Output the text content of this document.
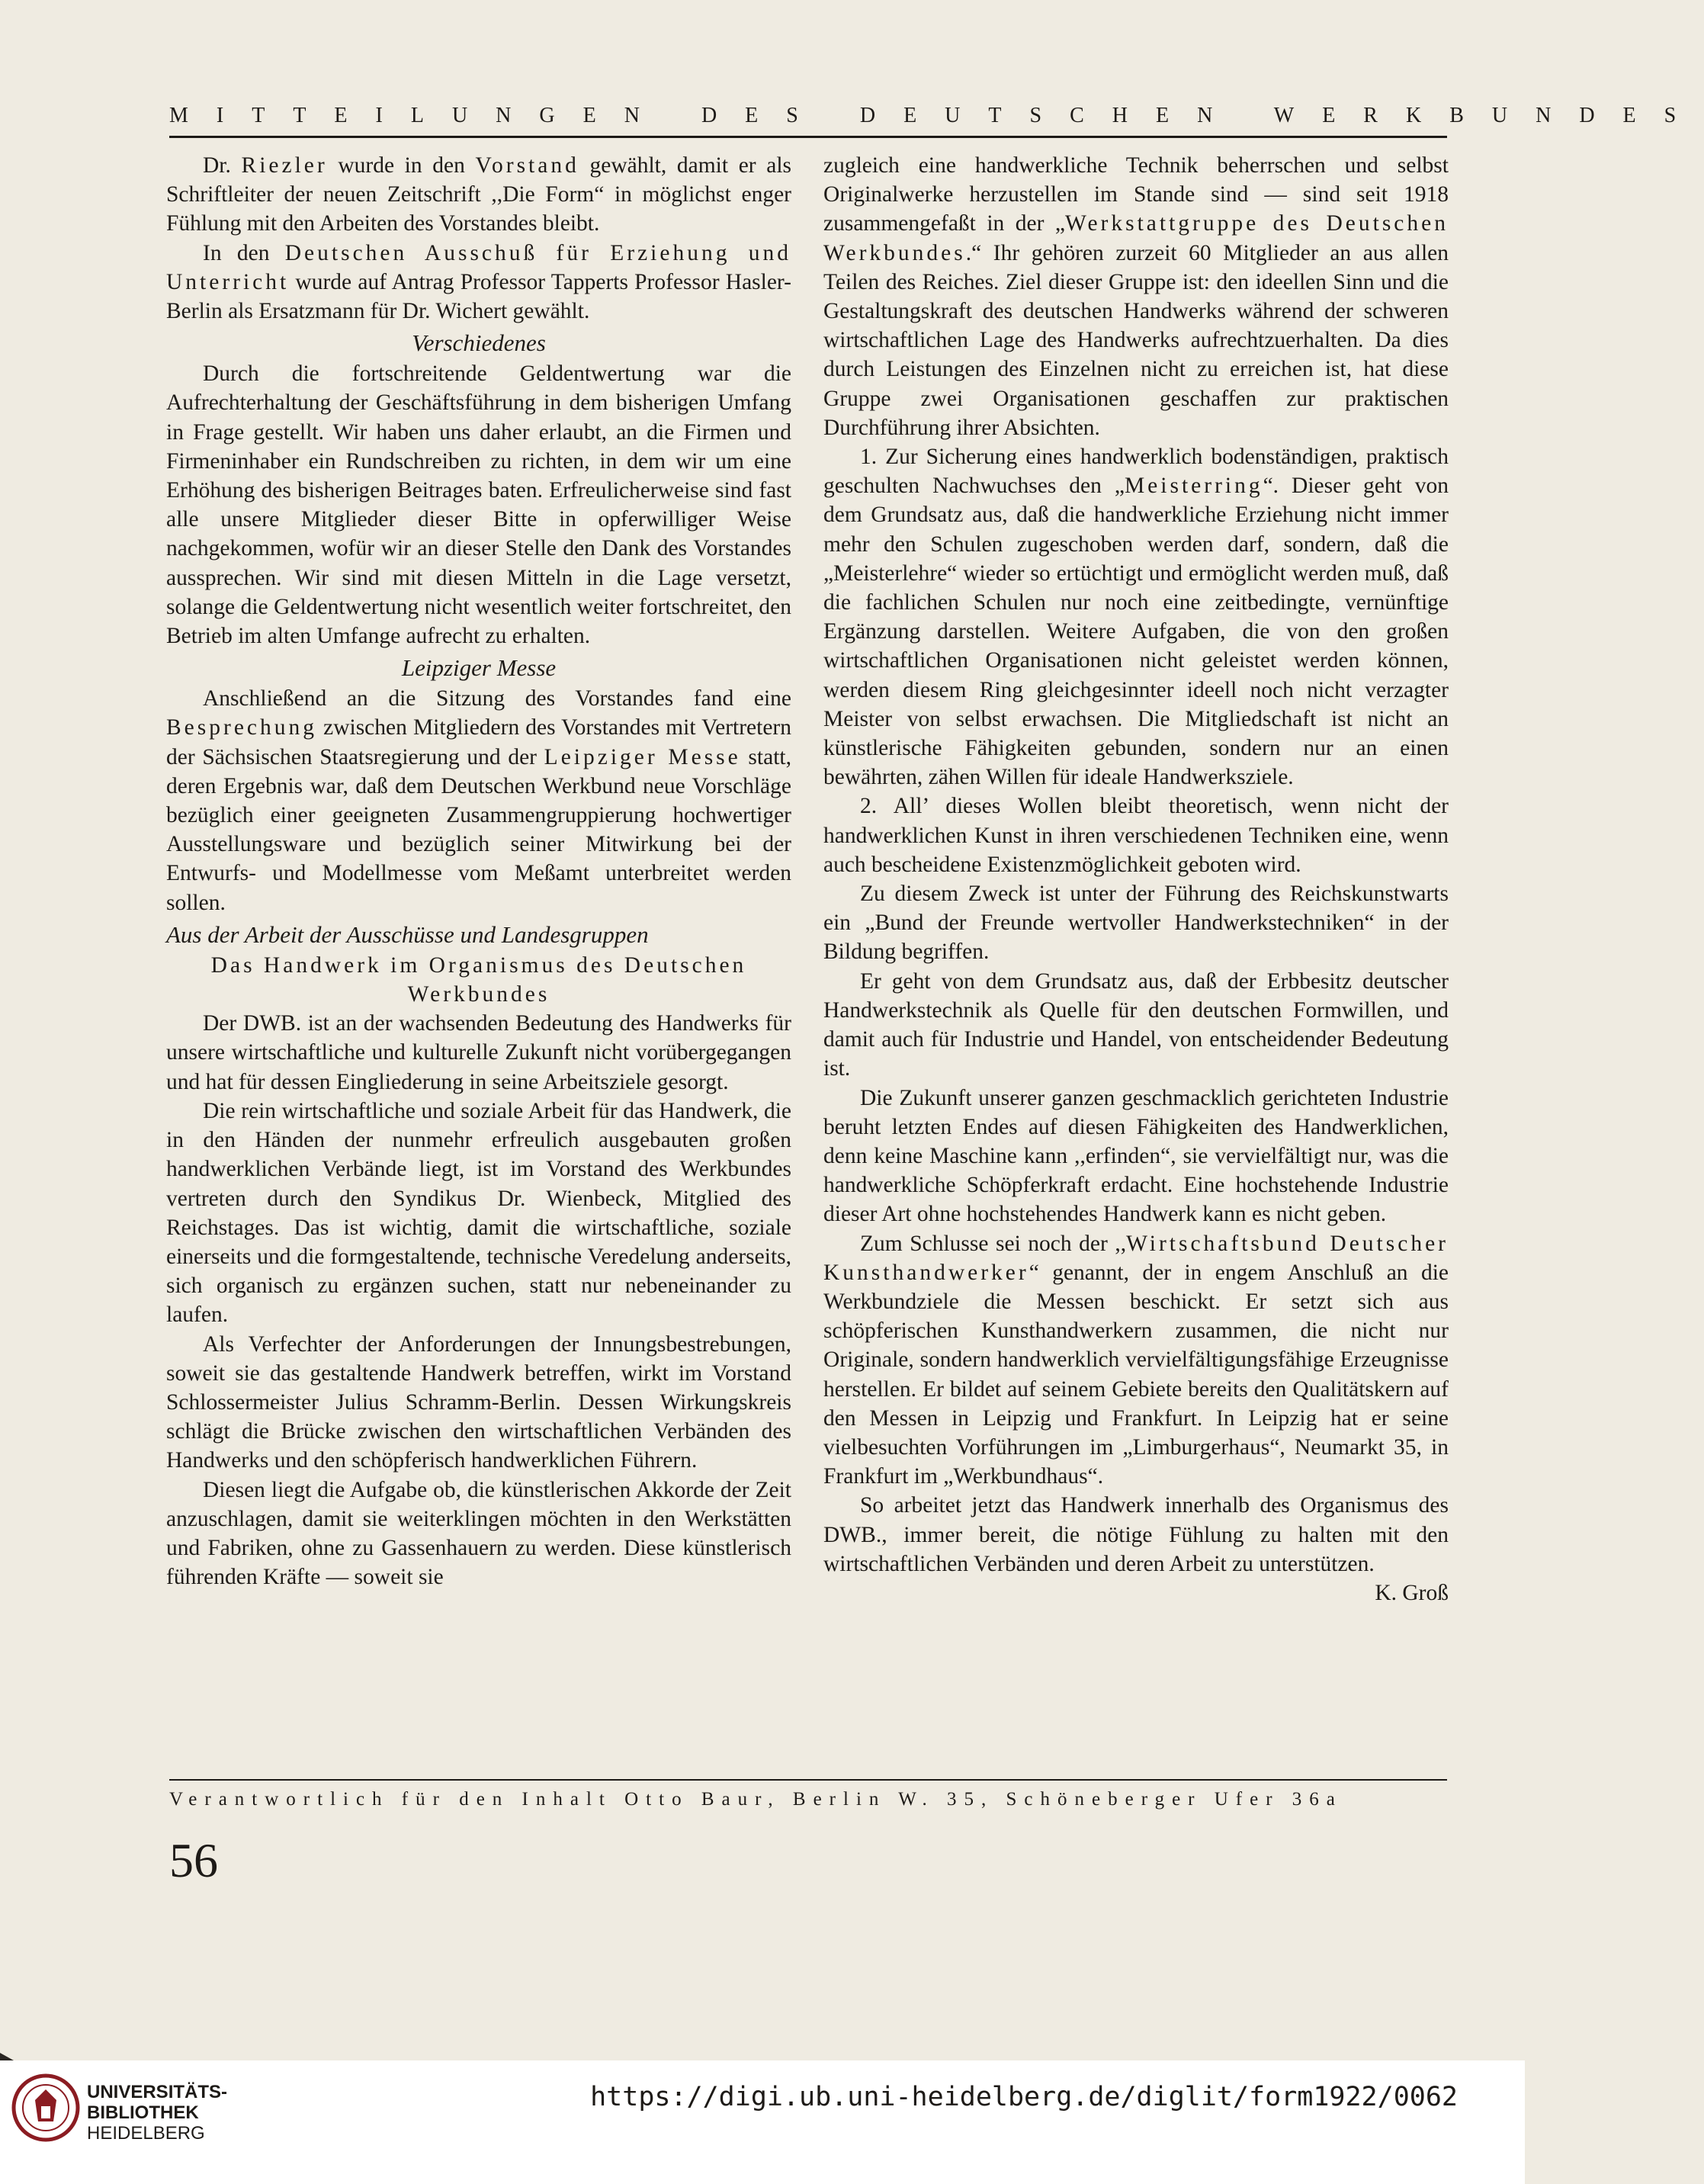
MITTEILUNGEN DES DEUTSCHEN WERKBUNDES

Dr. Riezler wurde in den Vorstand gewählt, damit er als Schriftleiter der neuen Zeitschrift ,,Die Form“ in möglichst enger Fühlung mit den Arbeiten des Vorstandes bleibt.

In den Deutschen Ausschuß für Erziehung und Unterricht wurde auf Antrag Professor Tapperts Professor Hasler-Berlin als Ersatzmann für Dr. Wichert gewählt.

Verschiedenes

Durch die fortschreitende Geldentwertung war die Aufrechterhaltung der Geschäftsführung in dem bisherigen Umfang in Frage gestellt. Wir haben uns daher erlaubt, an die Firmen und Firmeninhaber ein Rundschreiben zu richten, in dem wir um eine Erhöhung des bisherigen Beitrages baten. Erfreulicherweise sind fast alle unsere Mitglieder dieser Bitte in opferwilliger Weise nachgekommen, wofür wir an dieser Stelle den Dank des Vorstandes aussprechen. Wir sind mit diesen Mitteln in die Lage versetzt, solange die Geldentwertung nicht wesentlich weiter fortschreitet, den Betrieb im alten Umfange aufrecht zu erhalten.

Leipziger Messe

Anschließend an die Sitzung des Vorstandes fand eine Besprechung zwischen Mitgliedern des Vorstandes mit Vertretern der Sächsischen Staatsregierung und der Leipziger Messe statt, deren Ergebnis war, daß dem Deutschen Werkbund neue Vorschläge bezüglich einer geeigneten Zusammengruppierung hochwertiger Ausstellungsware und bezüglich seiner Mitwirkung bei der Entwurfs- und Modellmesse vom Meßamt unterbreitet werden sollen.

Aus der Arbeit der Ausschüsse und Landesgruppen
Das Handwerk im Organismus des Deutschen Werkbundes

Der DWB. ist an der wachsenden Bedeutung des Handwerks für unsere wirtschaftliche und kulturelle Zukunft nicht vorübergegangen und hat für dessen Eingliederung in seine Arbeitsziele gesorgt.

Die rein wirtschaftliche und soziale Arbeit für das Handwerk, die in den Händen der nunmehr erfreulich ausgebauten großen handwerklichen Verbände liegt, ist im Vorstand des Werkbundes vertreten durch den Syndikus Dr. Wienbeck, Mitglied des Reichstages. Das ist wichtig, damit die wirtschaftliche, soziale einerseits und die formgestaltende, technische Veredelung anderseits, sich organisch zu ergänzen suchen, statt nur nebeneinander zu laufen.

Als Verfechter der Anforderungen der Innungsbestrebungen, soweit sie das gestaltende Handwerk betreffen, wirkt im Vorstand Schlossermeister Julius Schramm-Berlin. Dessen Wirkungskreis schlägt die Brücke zwischen den wirtschaftlichen Verbänden des Handwerks und den schöpferisch handwerklichen Führern.

Diesen liegt die Aufgabe ob, die künstlerischen Akkorde der Zeit anzuschlagen, damit sie weiterklingen möchten in den Werkstätten und Fabriken, ohne zu Gassenhauern zu werden. Diese künstlerisch führenden Kräfte — soweit sie

zugleich eine handwerkliche Technik beherrschen und selbst Originalwerke herzustellen im Stande sind — sind seit 1918 zusammengefaßt in der „Werkstattgruppe des Deutschen Werkbundes.“ Ihr gehören zurzeit 60 Mitglieder an aus allen Teilen des Reiches. Ziel dieser Gruppe ist: den ideellen Sinn und die Gestaltungskraft des deutschen Handwerks während der schweren wirtschaftlichen Lage des Handwerks aufrechtzuerhalten. Da dies durch Leistungen des Einzelnen nicht zu erreichen ist, hat diese Gruppe zwei Organisationen geschaffen zur praktischen Durchführung ihrer Absichten.

1. Zur Sicherung eines handwerklich bodenständigen, praktisch geschulten Nachwuchses den „Meisterring“. Dieser geht von dem Grundsatz aus, daß die handwerkliche Erziehung nicht immer mehr den Schulen zugeschoben werden darf, sondern, daß die „Meisterlehre“ wieder so ertüchtigt und ermöglicht werden muß, daß die fachlichen Schulen nur noch eine zeitbedingte, vernünftige Ergänzung darstellen. Weitere Aufgaben, die von den großen wirtschaftlichen Organisationen nicht geleistet werden können, werden diesem Ring gleichgesinnter ideell noch nicht verzagter Meister von selbst erwachsen. Die Mitgliedschaft ist nicht an künstlerische Fähigkeiten gebunden, sondern nur an einen bewährten, zähen Willen für ideale Handwerksziele.

2. All’ dieses Wollen bleibt theoretisch, wenn nicht der handwerklichen Kunst in ihren verschiedenen Techniken eine, wenn auch bescheidene Existenzmöglichkeit geboten wird.

Zu diesem Zweck ist unter der Führung des Reichskunstwarts ein „Bund der Freunde wertvoller Handwerkstechniken“ in der Bildung begriffen.

Er geht von dem Grundsatz aus, daß der Erbbesitz deutscher Handwerkstechnik als Quelle für den deutschen Formwillen, und damit auch für Industrie und Handel, von entscheidender Bedeutung ist.

Die Zukunft unserer ganzen geschmacklich gerichteten Industrie beruht letzten Endes auf diesen Fähigkeiten des Handwerklichen, denn keine Maschine kann ,,erfinden“, sie vervielfältigt nur, was die handwerkliche Schöpferkraft erdacht. Eine hochstehende Industrie dieser Art ohne hochstehendes Handwerk kann es nicht geben.

Zum Schlusse sei noch der ,,Wirtschaftsbund Deutscher Kunsthandwerker“ genannt, der in engem Anschluß an die Werkbundziele die Messen beschickt. Er setzt sich aus schöpferischen Kunsthandwerkern zusammen, die nicht nur Originale, sondern handwerklich vervielfältigungsfähige Erzeugnisse herstellen. Er bildet auf seinem Gebiete bereits den Qualitätskern auf den Messen in Leipzig und Frankfurt. In Leipzig hat er seine vielbesuchten Vorführungen im „Limburgerhaus“, Neumarkt 35, in Frankfurt im „Werkbundhaus“.

So arbeitet jetzt das Handwerk innerhalb des Organismus des DWB., immer bereit, die nötige Fühlung zu halten mit den wirtschaftlichen Verbänden und deren Arbeit zu unterstützen.
K. Groß

Verantwortlich für den Inhalt Otto Baur, Berlin W. 35, Schöneberger Ufer 36a
56
UNIVERSITÄTS-
BIBLIOTHEK
HEIDELBERG
https://digi.ub.uni-heidelberg.de/diglit/form1922/0062
